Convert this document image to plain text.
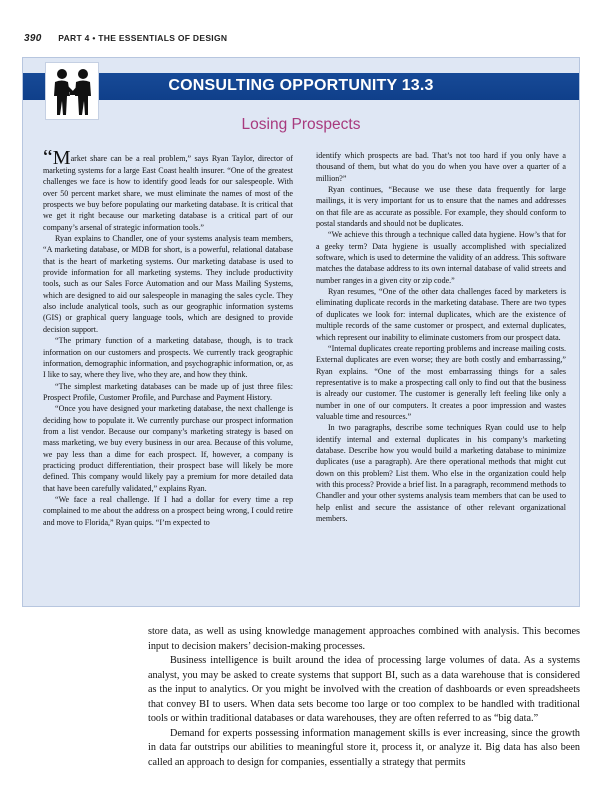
390 PART 4 • THE ESSENTIALS OF DESIGN
CONSULTING OPPORTUNITY 13.3
Losing Prospects

“Market share can be a real problem,” says Ryan Taylor, director of marketing systems for a large East Coast health insurer. “One of the greatest challenges we face is how to identify good leads for our salespeople. With over 50 percent market share, we must eliminate the names of most of the prospects we buy before populating our marketing database. It is critical that we get it right because our marketing database is a critical part of our company’s arsenal of strategic information tools.”

Ryan explains to Chandler, one of your systems analysis team members, “A marketing database, or MDB for short, is a powerful, relational database that is the heart of marketing systems. Our marketing database is used to provide information for all marketing systems. They include productivity tools, such as our Sales Force Automation and our Mass Mailing Systems, which are designed to aid our salespeople in managing the sales cycle. They also include analytical tools, such as our geographic information systems (GIS) or graphical query language tools, which are designed to provide decision support.

“The primary function of a marketing database, though, is to track information on our customers and prospects. We currently track geographic information, demographic information, and psychographic information, or, as I like to say, where they live, who they are, and how they think.

“The simplest marketing databases can be made up of just three files: Prospect Profile, Customer Profile, and Purchase and Payment History.

“Once you have designed your marketing database, the next challenge is deciding how to populate it. We currently purchase our prospect information from a list vendor. Because our company’s marketing strategy is based on mass marketing, we buy every business in our area. Because of this volume, we pay less than a dime for each prospect. If, however, a company is practicing product differentiation, their prospect base will likely be more defined. This company would likely pay a premium for more detailed data that have been carefully validated,” explains Ryan.

“We face a real challenge. If I had a dollar for every time a rep complained to me about the address on a prospect being wrong, I could retire and move to Florida,” Ryan quips. “I’m expected to

identify which prospects are bad. That’s not too hard if you only have a thousand of them, but what do you do when you have over a quarter of a million?”

Ryan continues, “Because we use these data frequently for large mailings, it is very important for us to ensure that the names and addresses on that file are as accurate as possible. For example, they should conform to postal standards and should not be duplicates.

“We achieve this through a technique called data hygiene. How’s that for a geeky term? Data hygiene is usually accomplished with specialized software, which is used to determine the validity of an address. This software matches the database address to its own internal database of valid streets and number ranges in a given city or zip code.”

Ryan resumes, “One of the other data challenges faced by marketers is eliminating duplicate records in the marketing database. There are two types of duplicates we look for: internal duplicates, which are the existence of multiple records of the same customer or prospect, and external duplicates, which represent our inability to eliminate customers from our prospect data.

“Internal duplicates create reporting problems and increase mailing costs. External duplicates are even worse; they are both costly and embarrassing,” Ryan explains. “One of the most embarrassing things for a sales representative is to make a prospecting call only to find out that the business is already our customer. The customer is generally left feeling like only a number in one of our computers. It creates a poor impression and wastes valuable time and resources.”

In two paragraphs, describe some techniques Ryan could use to help identify internal and external duplicates in his company’s marketing database. Describe how you would build a marketing database to minimize duplicates (use a paragraph). Are there operational methods that might cut down on this problem? List them. Who else in the organization could help with this process? Provide a brief list. In a paragraph, recommend methods to Chandler and your other systems analysis team members that can be used to help enlist and secure the assistance of other relevant organizational members.

store data, as well as using knowledge management approaches combined with analysis. This becomes input to decision makers’ decision-making processes.

Business intelligence is built around the idea of processing large volumes of data. As a systems analyst, you may be asked to create systems that support BI, such as a data warehouse that is considered as the input to analytics. Or you might be involved with the creation of dashboards or even spreadsheets that convey BI to users. When data sets become too large or too complex to be handled with traditional tools or within traditional databases or data warehouses, they are often referred to as “big data.”

Demand for experts possessing information management skills is ever increasing, since the growth in data far outstrips our abilities to meaningful store it, process it, or analyze it. Big data has also been called an approach to design for companies, essentially a strategy that permits
